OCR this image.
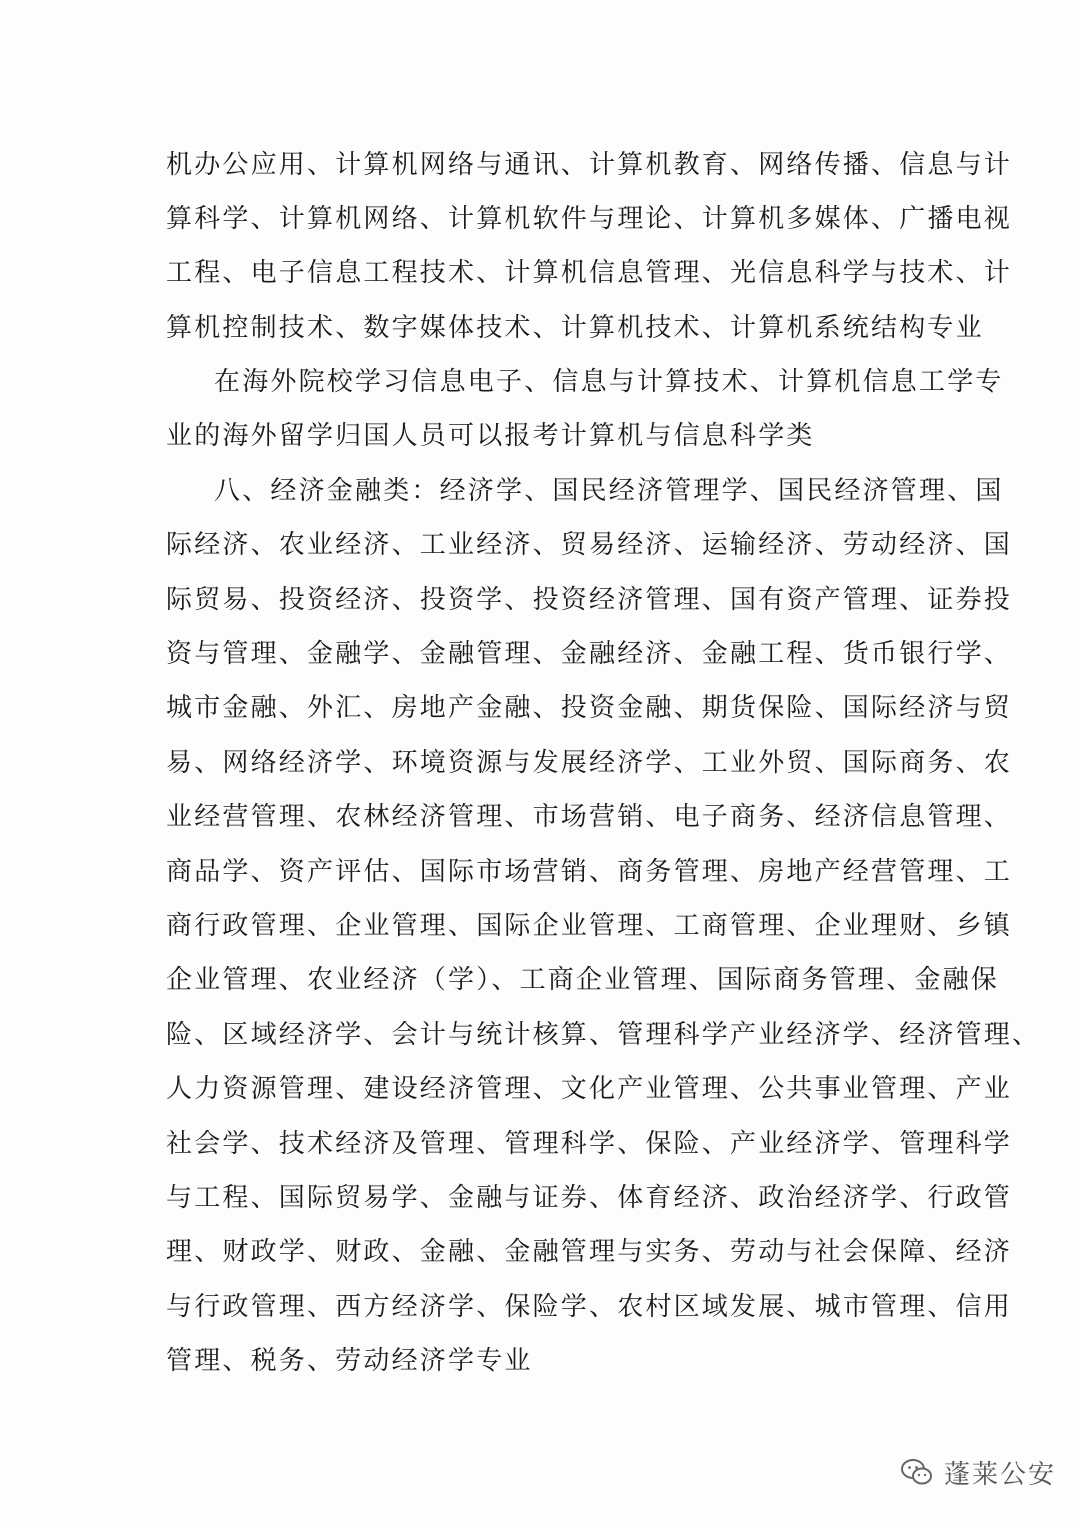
机办公应用、计算机网络与通讯、计算机教育、网络传播、信息与计
算科学、计算机网络、计算机软件与理论、计算机多媒体、广播电视
工程、电子信息工程技术、计算机信息管理、光信息科学与技术、计
算机控制技术、数字媒体技术、计算机技术、计算机系统结构专业
在海外院校学习信息电子、信息与计算技术、计算机信息工学专
业的海外留学归国人员可以报考计算机与信息科学类
八、经济金融类：经济学、国民经济管理学、国民经济管理、国
际经济、农业经济、工业经济、贸易经济、运输经济、劳动经济、国
际贸易、投资经济、投资学、投资经济管理、国有资产管理、证券投
资与管理、金融学、金融管理、金融经济、金融工程、货币银行学、
城市金融、外汇、房地产金融、投资金融、期货保险、国际经济与贸
易、网络经济学、环境资源与发展经济学、工业外贸、国际商务、农
业经营管理、农林经济管理、市场营销、电子商务、经济信息管理、
商品学、资产评估、国际市场营销、商务管理、房地产经营管理、工
商行政管理、企业管理、国际企业管理、工商管理、企业理财、乡镇
企业管理、农业经济（学）、工商企业管理、国际商务管理、金融保
险、区域经济学、会计与统计核算、管理科学产业经济学、经济管理、
人力资源管理、建设经济管理、文化产业管理、公共事业管理、产业
社会学、技术经济及管理、管理科学、保险、产业经济学、管理科学
与工程、国际贸易学、金融与证券、体育经济、政治经济学、行政管
理、财政学、财政、金融、金融管理与实务、劳动与社会保障、经济
与行政管理、西方经济学、保险学、农村区域发展、城市管理、信用
管理、税务、劳动经济学专业
蓬莱公安
